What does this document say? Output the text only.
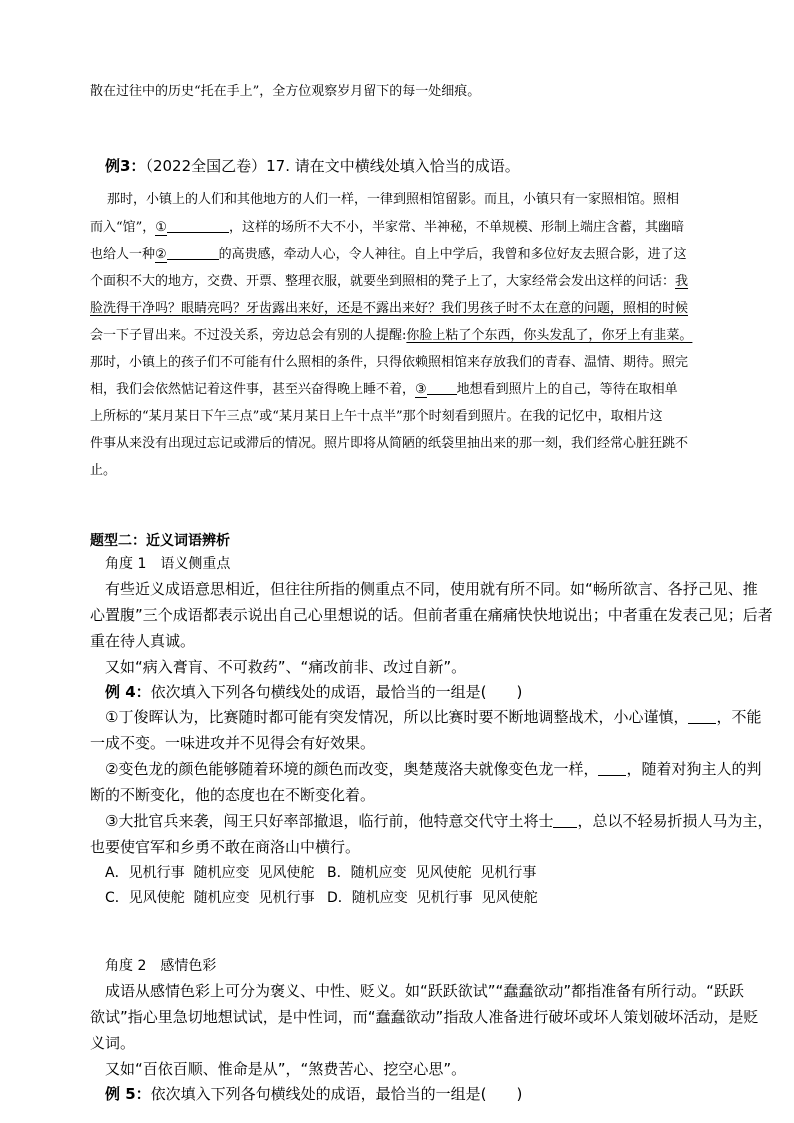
散在过往中的历史“托在手上”，全方位观察岁月留下的每一处细痕。
例3：（2022全国乙卷）17. 请在文中横线处填入恰当的成语。
那时，小镇上的人们和其他地方的人们一样，一律到照相馆留影。而且，小镇只有一家照相馆。照相
而入“馆”，①	，这样的场所不大不小，半家常、半神秘，不单规模、形制上端庄含蓄，其幽暗
也给人一种②	的高贵感，牵动人心，令人神往。自上中学后，我曾和多位好友去照合影，进了这
个面积不大的地方，交费、开票、整理衣服，就要坐到照相的凳子上了，大家经常会发出这样的问话：我
脸洗得干净吗？眼睛亮吗？牙齿露出来好，还是不露出来好？我们男孩子时不太在意的问题，照相的时候
会一下子冒出来。不过没关系，旁边总会有别的人提醒:你脸上粘了个东西，你头发乱了，你牙上有韭菜。
那时，小镇上的孩子们不可能有什么照相的条件，只得依赖照相馆来存放我们的青春、温情、期待。照完
相，我们会依然惦记着这件事，甚至兴奋得晚上睡不着，③ 地想看到照片上的自己，等待在取相单
上所标的“某月某日下午三点”或“某月某日上午十点半”那个时刻看到照片。在我的记忆中，取相片这
件事从来没有出现过忘记或滞后的情况。照片即将从简陋的纸袋里抽出来的那一刻，我们经常心脏狂跳不
止。
题型二：近义词语辨析
角度 1　语义侧重点
有些近义成语意思相近，但往往所指的侧重点不同，使用就有所不同。如“畅所欲言、各抒己见、推
心置腹”三个成语都表示说出自己心里想说的话。但前者重在痛痛快快地说出；中者重在发表己见；后者
重在待人真诚。
又如“病入膏肓、不可救药”、“痛改前非、改过自新”。
例 4：依次填入下列各句横线处的成语，最恰当的一组是(　　)
①丁俊晖认为，比赛随时都可能有突发情况，所以比赛时要不断地调整战术，小心谨慎， ，不能
一成不变。一味进攻并不见得会有好效果。
②变色龙的颜色能够随着环境的颜色而改变，奥楚蔑洛夫就像变色龙一样， ，随着对狗主人的判
断的不断变化，他的态度也在不断变化着。
③大批官兵来袭，闯王只好率部撤退，临行前，他特意交代守土将士 ，总以不轻易折损人马为主，
也要使官军和乡勇不敢在商洛山中横行。
A．见机行事  随机应变  见风使舵 B．随机应变  见风使舵  见机行事
C．见风使舵  随机应变  见机行事 D．随机应变  见机行事  见风使舵
角度 2　感情色彩
成语从感情色彩上可分为褒义、中性、贬义。如“跃跃欲试”“蠢蠢欲动”都指准备有所行动。“跃跃
欲试”指心里急切地想试试，是中性词，而“蠢蠢欲动”指敌人准备进行破坏或坏人策划破坏活动，是贬
义词。
又如“百依百顺、惟命是从”，“煞费苦心、挖空心思”。
例 5：依次填入下列各句横线处的成语，最恰当的一组是(　　)
